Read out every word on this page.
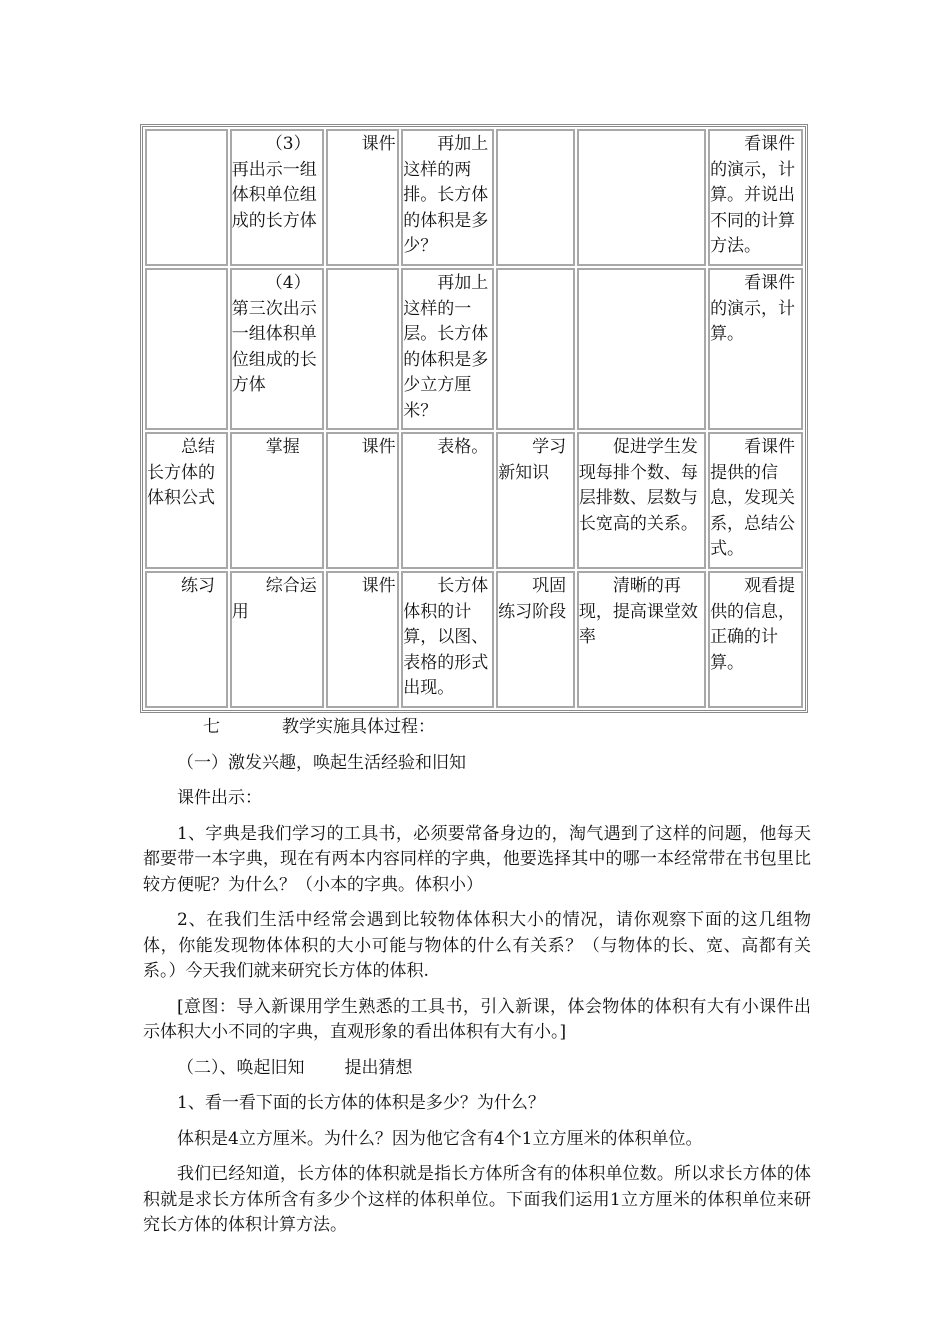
	（3）再出示一组体积单位组成的长方体	课件	再加上这样的两排。长方体的体积是多少？			看课件的演示，计算。并说出不同的计算方法。
	（4）第三次出示一组体积单位组成的长方体		再加上这样的一层。长方体的体积是多少立方厘米？			看课件的演示，计算。
总结长方体的体积公式	掌握	课件	表格。	学习新知识	促进学生发现每排个数、每层排数、层数与长宽高的关系。	看课件提供的信息，发现关系，总结公式。
练习	综合运用	课件	长方体体积的计算，以图、表格的形式出现。	巩固练习阶段	清晰的再现，提高课堂效率	观看提供的信息，正确的计算。

七	教学实施具体过程：

（一）激发兴趣，唤起生活经验和旧知

课件出示：

1、字典是我们学习的工具书，必须要常备身边的，淘气遇到了这样的问题，他每天都要带一本字典，现在有两本内容同样的字典，他要选择其中的哪一本经常带在书包里比较方便呢？为什么？（小本的字典。体积小）

2、在我们生活中经常会遇到比较物体体积大小的情况，请你观察下面的这几组物体，你能发现物体体积的大小可能与物体的什么有关系？（与物体的长、宽、高都有关系。）今天我们就来研究长方体的体积.

[意图：导入新课用学生熟悉的工具书，引入新课，体会物体的体积有大有小课件出示体积大小不同的字典，直观形象的看出体积有大有小。]

（二）、唤起旧知 提出猜想

1、看一看下面的长方体的体积是多少？为什么？

体积是4立方厘米。为什么？因为他它含有4个1立方厘米的体积单位。

我们已经知道，长方体的体积就是指长方体所含有的体积单位数。所以求长方体的体积就是求长方体所含有多少个这样的体积单位。下面我们运用1立方厘米的体积单位来研究长方体的体积计算方法。
